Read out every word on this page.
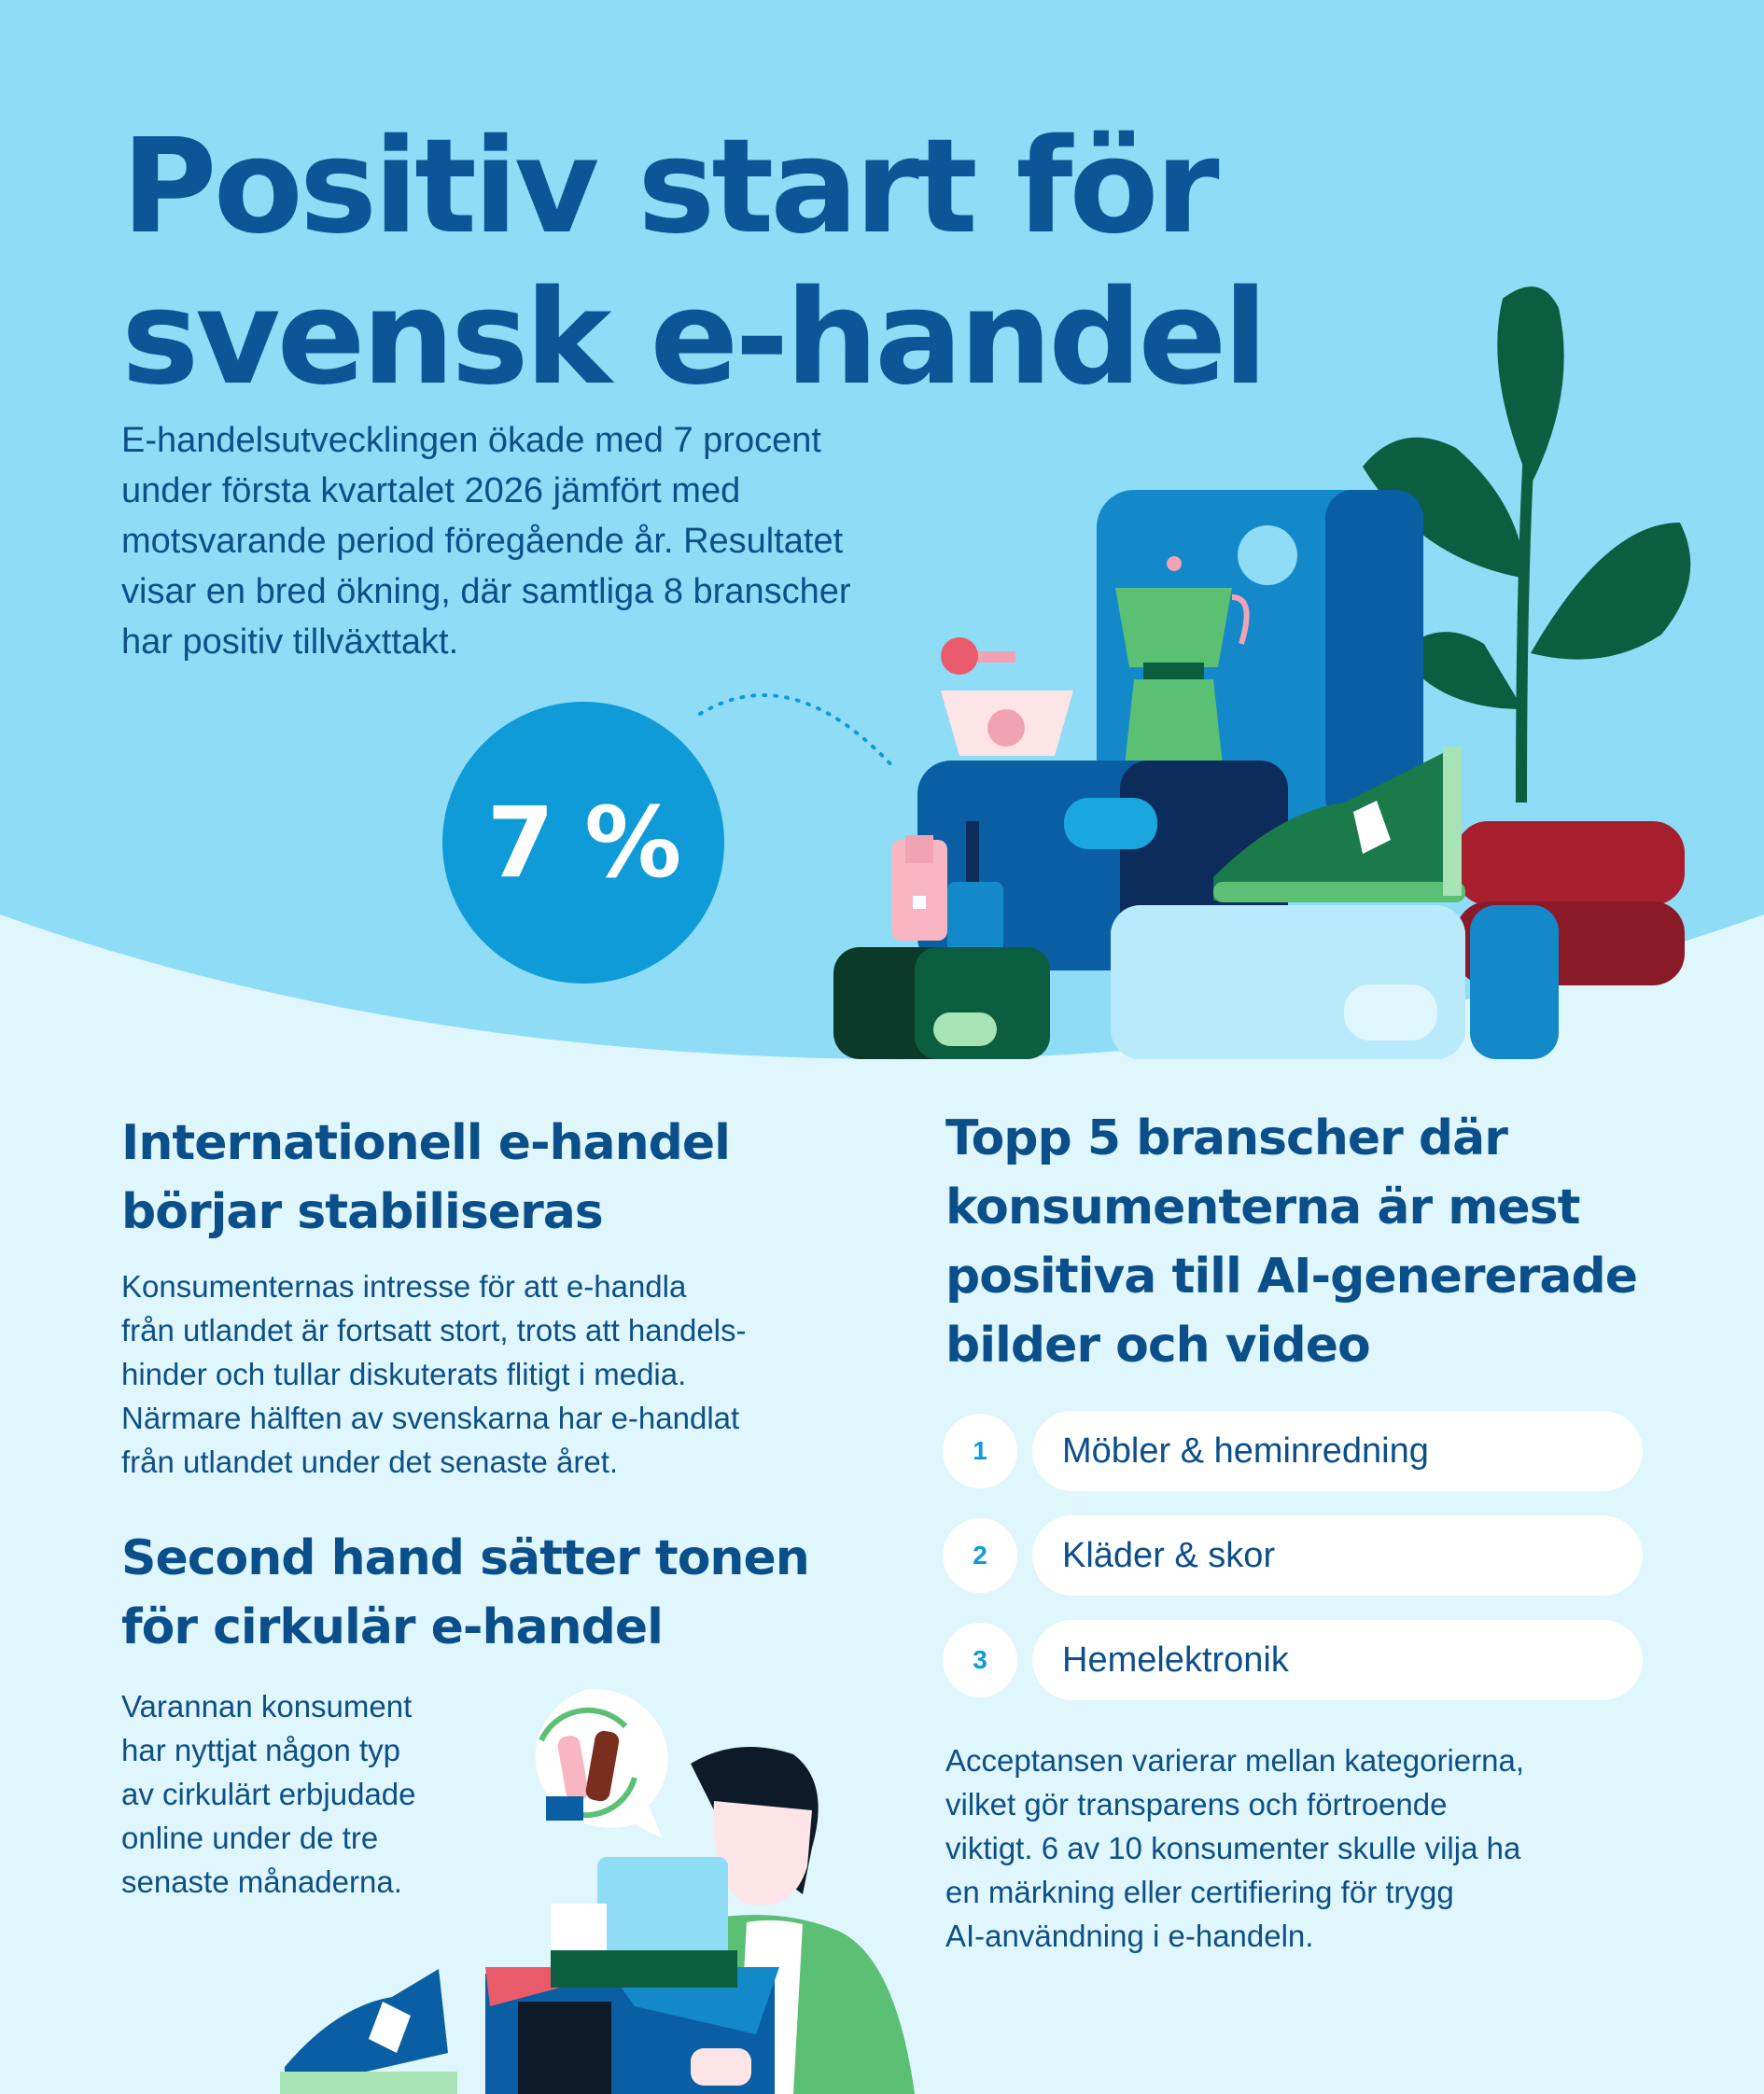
Positiv start för
svensk e-handel

E-handelsutvecklingen ökade med 7 procent
under första kvartalet 2026 jämfört med
motsvarande period föregående år. Resultatet
visar en bred ökning, där samtliga 8 branscher
har positiv tillväxttakt.

7 %
Internationell e-handel
börjar stabiliseras

Konsumenternas intresse för att e-handla
från utlandet är fortsatt stort, trots att handels-
hinder och tullar diskuterats flitigt i media.
Närmare hälften av svenskarna har e-handlat
från utlandet under det senaste året.

Second hand sätter tonen
för cirkulär e-handel

Varannan konsument
har nyttjat någon typ
av cirkulärt erbjudade
online under de tre
senaste månaderna.

Topp 5 branscher där
konsumenterna är mest
positiva till AI-genererade
bilder och video
1	Möbler & heminredning
2	Kläder & skor
3	Hemelektronik

Acceptansen varierar mellan kategorierna,
vilket gör transparens och förtroende
viktigt. 6 av 10 konsumenter skulle vilja ha
en märkning eller certifiering för trygg
AI-användning i e-handeln.
